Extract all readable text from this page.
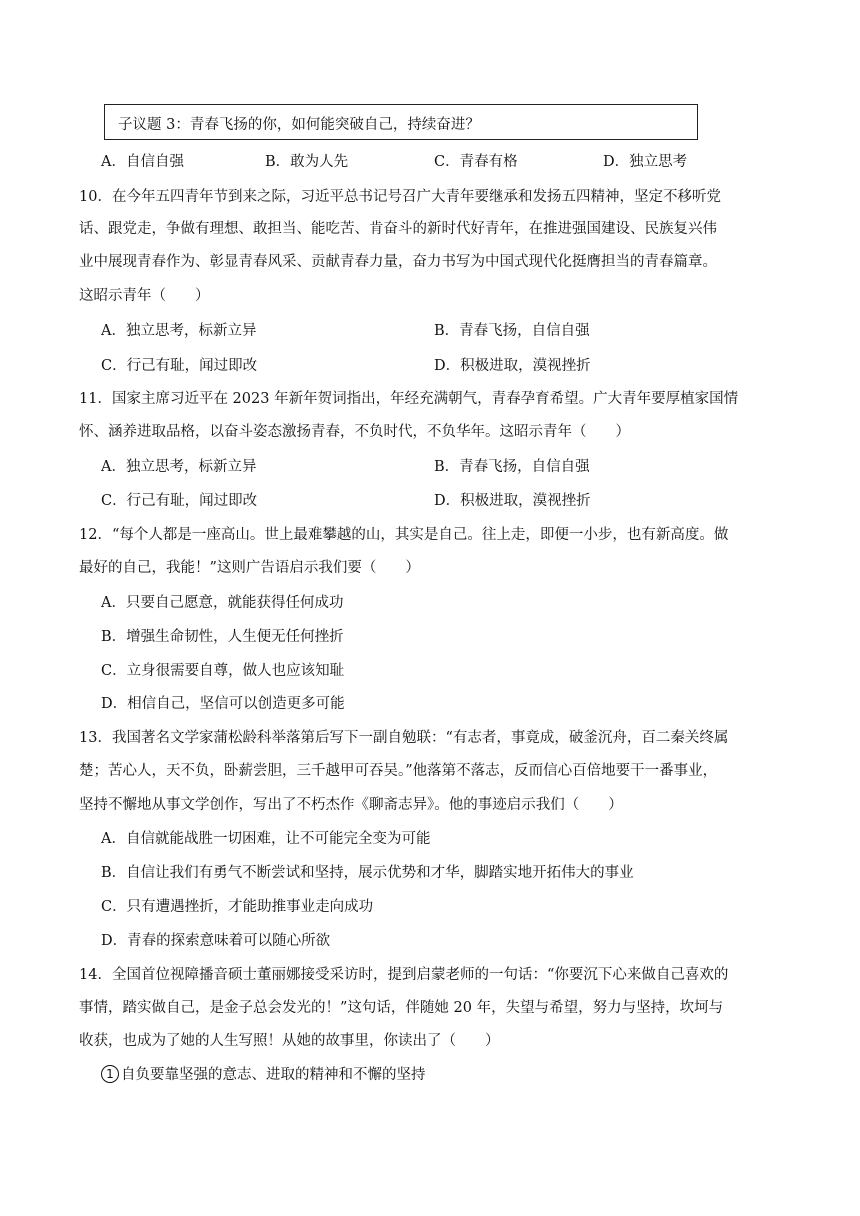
子议题 3：青春飞扬的你，如何能突破自己，持续奋进？
A．自信自强	B．敢为人先	C．青春有格	D．独立思考
10．在今年五四青年节到来之际，习近平总书记号召广大青年要继承和发扬五四精神，坚定不移听党
话、跟党走，争做有理想、敢担当、能吃苦、肯奋斗的新时代好青年，在推进强国建设、民族复兴伟
业中展现青春作为、彰显青春风采、贡献青春力量，奋力书写为中国式现代化挺膺担当的青春篇章。
这昭示青年（　　）
A．独立思考，标新立异	B．青春飞扬，自信自强
C．行己有耻，闻过即改	D．积极进取，漠视挫折
11．国家主席习近平在 2023 年新年贺词指出，年经充满朝气，青春孕育希望。广大青年要厚植家国情
怀、涵养进取品格，以奋斗姿态激扬青春，不负时代，不负华年。这昭示青年（　　）
A．独立思考，标新立异	B．青春飞扬，自信自强
C．行己有耻，闻过即改	D．积极进取，漠视挫折
12．“每个人都是一座高山。世上最难攀越的山，其实是自己。往上走，即便一小步，也有新高度。做
最好的自己，我能！”这则广告语启示我们要（　　）
A．只要自己愿意，就能获得任何成功
B．增强生命韧性，人生便无任何挫折
C．立身很需要自尊，做人也应该知耻
D．相信自己，坚信可以创造更多可能
13．我国著名文学家蒲松龄科举落第后写下一副自勉联：“有志者，事竟成，破釜沉舟，百二秦关终属
楚；苦心人，天不负，卧薪尝胆，三千越甲可吞吴。”他落第不落志，反而信心百倍地要干一番事业，
坚持不懈地从事文学创作，写出了不朽杰作《聊斋志异》。他的事迹启示我们（　　）
A．自信就能战胜一切困难，让不可能完全变为可能
B．自信让我们有勇气不断尝试和坚持，展示优势和才华，脚踏实地开拓伟大的事业
C．只有遭遇挫折，才能助推事业走向成功
D．青春的探索意味着可以随心所欲
14．全国首位视障播音硕士董丽娜接受采访时，提到启蒙老师的一句话：“你要沉下心来做自己喜欢的
事情，踏实做自己，是金子总会发光的！”这句话，伴随她 20 年，失望与希望，努力与坚持，坎坷与
收获，也成为了她的人生写照！从她的故事里，你读出了（　　）
1 自负要靠坚强的意志、进取的精神和不懈的坚持
